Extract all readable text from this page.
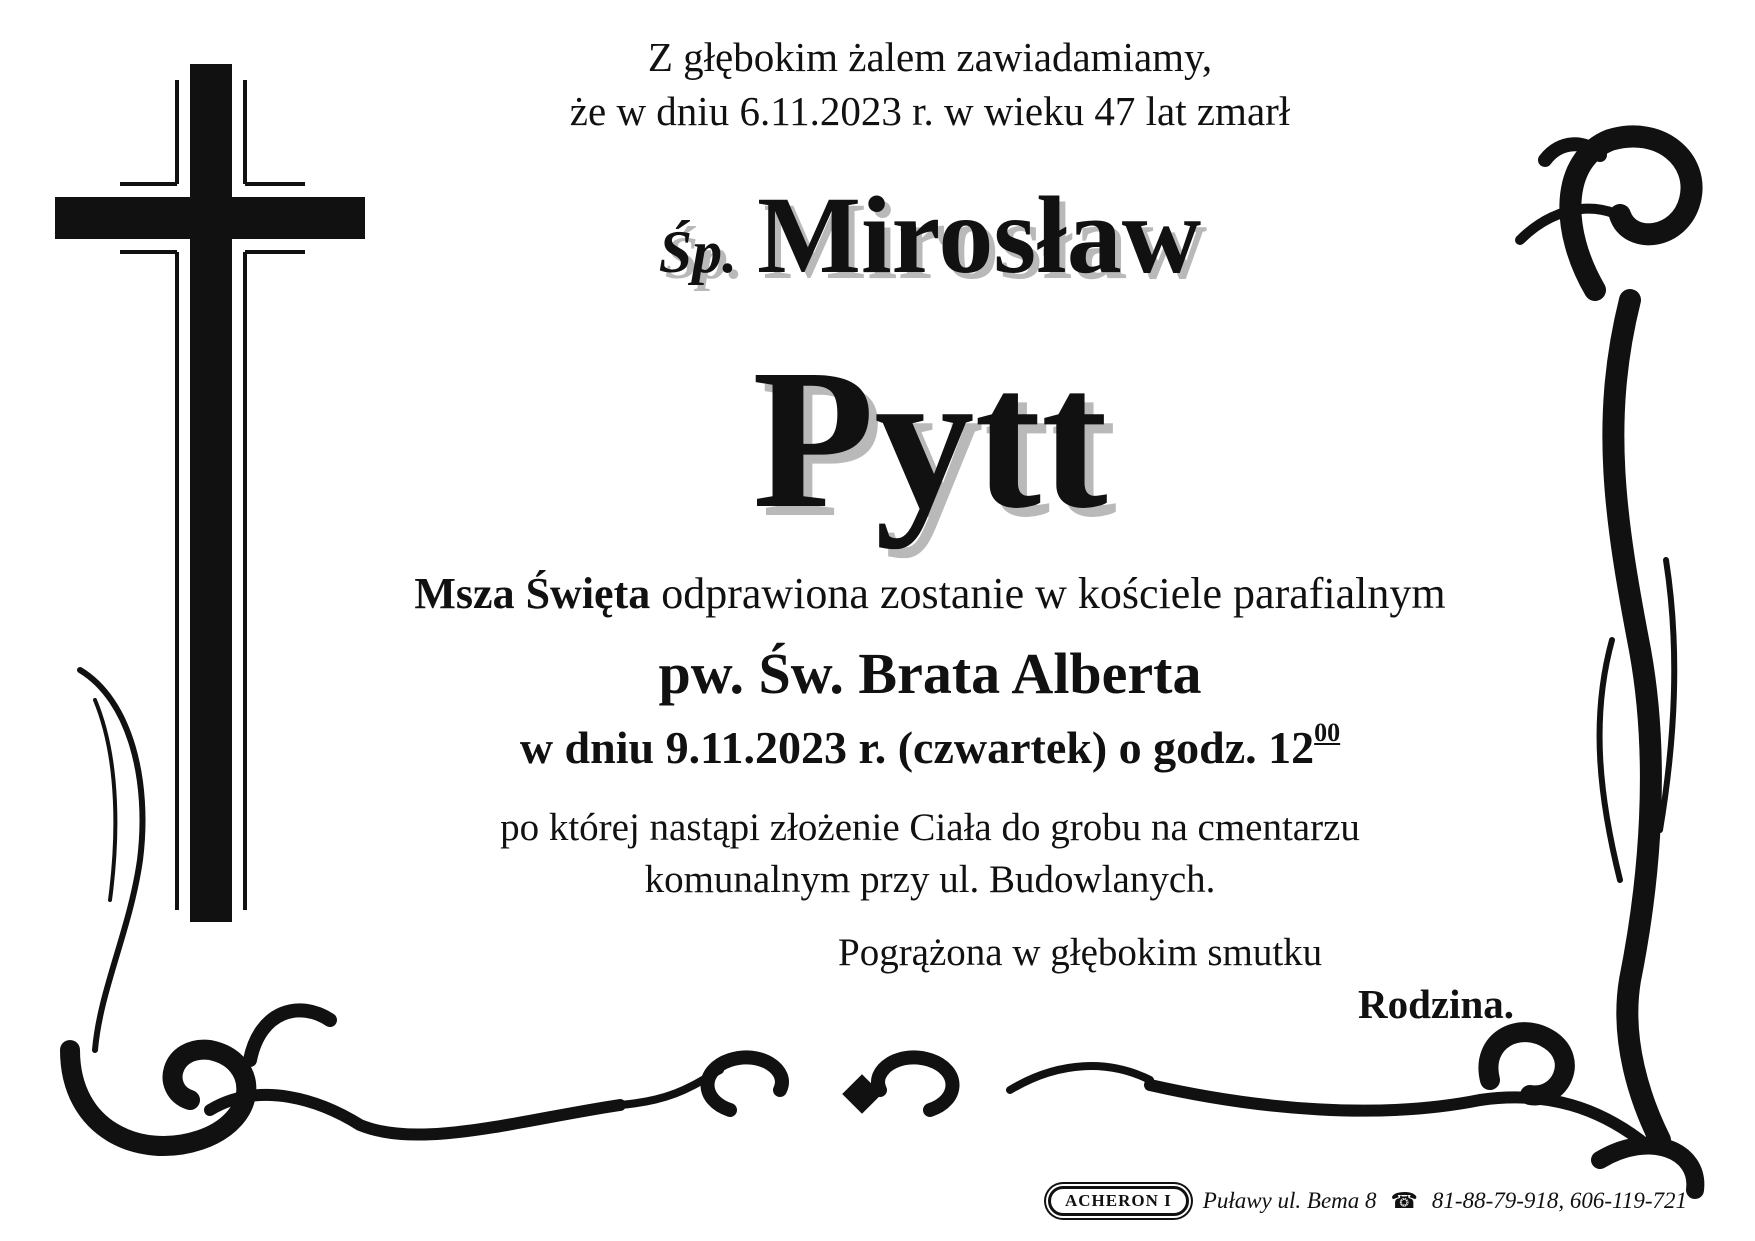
Z głębokim żalem zawiadamiamy,
że w dniu 6.11.2023 r. w wieku 47 lat zmarł
Śp. Mirosław
Pytt
Msza Święta odprawiona zostanie w kościele parafialnym
pw. Św. Brata Alberta
w dniu 9.11.2023 r. (czwartek) o godz. $12^{00}$
po której nastąpi złożenie Ciała do grobu na cmentarzu
komunalnym przy ul. Budowlanych.
Pogrążona w głębokim smutku
Rodzina.
ACHERON I	Puławy ul. Bema 8 ☎ 81-88-79-918, 606-119-721
